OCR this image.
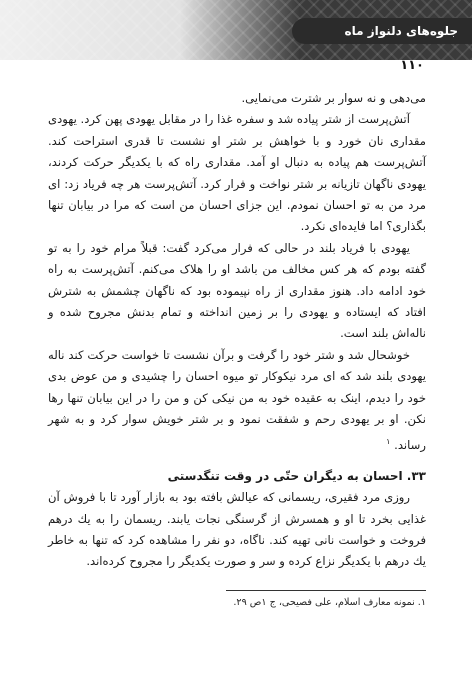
جلوه‌های دلنواز ماه
۱۱۰

می‌دهی و نه سوار بر شترت می‌نمایی.

آتش‌پرست از شتر پیاده شد و سفره غذا را در مقابل یهودی پهن کرد. یهودی مقداری نان خورد و با خواهش بر شتر او نشست تا قدری استراحت کند. آتش‌پرست هم پیاده به دنبال او آمد. مقداری راه که با یکدیگر حرکت کردند، یهودی ناگهان تازیانه بر شتر نواخت و فرار کرد. آتش‌پرست هر چه فریاد زد: ای مرد من به تو احسان نمودم. این جزای احسان من است که مرا در بیابان تنها بگذاری؟ اما فایده‌ای نکرد.

یهودی با فریاد بلند در حالی که فرار می‌کرد گفت: قبلاً مرام خود را به تو گفته بودم که هر کس مخالف من باشد او را هلاک می‌کنم. آتش‌پرست به راه خود ادامه داد. هنوز مقداری از راه نپیموده بود که ناگهان چشمش به شترش افتاد که ایستاده و یهودی را بر زمین انداخته و تمام بدنش مجروح شده و ناله‌اش بلند است.

خوشحال شد و شتر خود را گرفت و برآن نشست تا خواست حرکت کند ناله یهودی بلند شد که ای مرد نیکوکار تو میوه احسان را چشیدی و من عوض بدی خود را دیدم، اینک به عقیده خود به من نیکی کن و من را در این بیابان تنها رها نکن. او بر یهودی رحم و شفقت نمود و بر شتر خویش سوار کرد و به شهر رساند. $^۱$

۳۳. احسان به دیگران حتّی در وقت تنگدستی

روزی مرد فقیری، ریسمانی که عیالش بافته بود به بازار آورد تا با فروش آن غذایی بخرد تا او و همسرش از گرسنگی نجات یابند. ریسمان را به یك درهم فروخت و خواست نانی تهیه کند. ناگاه، دو نفر را مشاهده کرد که تنها به خاطر یك درهم با یکدیگر نزاع کرده و سر و صورت یکدیگر را مجروح کرده‌اند.

۱. نمونه معارف اسلام، علی فصیحی، ج ۱ص ۲۹.
